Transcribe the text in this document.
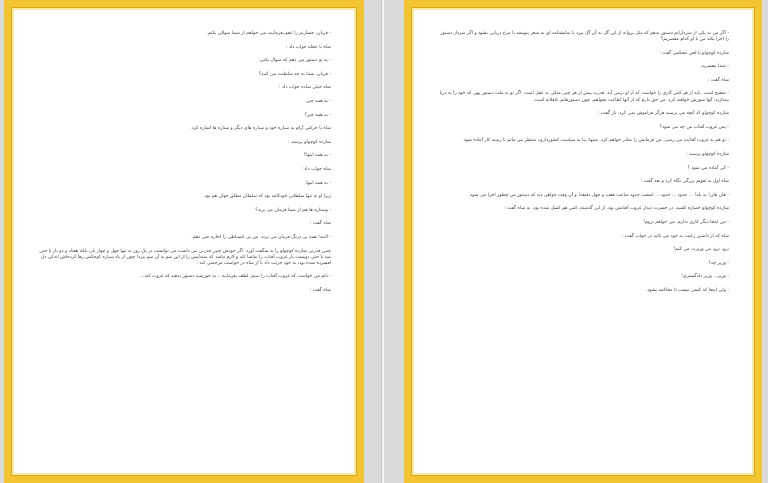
- قربان، جسارتم را عفو بفرمایید، می خواهم از شما سوالی بکنم.

شاه با عجله جواب داد :

- به تو دستور می دهم که سوال بکنی.

- قربان، شما به چه سلطنت می کنید؟

شاه خیلی ساده جواب داد :

- به همه چیز.

- به همه چیز؟

شاه با حرکتی آرام به سیاره خود و سیاره های دیگر و ستاره ها اشاره کرد.

شازده کوچولو پرسید :

- به همه اینها؟

شاه جواب داد :

- به همه اینها.

زیرا او نه تنها سلطانی خودکامه بود که سلطان مطلق جهان هم بود.

- وستاره ها هم از شما فرمان می برند؟

شاه گفت :

- البته! همه بی درنگ فرمان می برند. من بی انضباطی را اجازه نمی دهم.

چنین قدرتی شازده کوچولو را به شگفت آورد. اگر خودش چنین قدرتی می داشت می توانست در یک روز نه تنها چهل و چهار بار، بلکه هفتاد و دو بار یا حتی صد یا حتی دویست بار غروب آفتاب را تماشا کند و لازم نباشد که صندلیش را از این سو به آن سو ببرد! چون از یاد سیاره کوچکش رها کرده‌اش اندکی دل افسرده شده بود، به خود جرئت داد تا از شاه در خواست مرحمتی کند :

- دلم می خواست که غروب آفتاب را ببینم. لطف بفرمایید... به خورشید دستور بدهید که غروب کند...

شاه گفت :

- اگر من به یکی از سردارانم دستور بدهم که مثل پروانه از این گل به آن گل بپرد یا نمایشنامه ای به شعر بنویسد یا مرغ دریایی بشود و اگر سردار دستور را اجرا نکند من یا او کدام مقصریم؟

شازده کوچولو با لحن محکمی گفت :

- شما مقصرید.

شاه گفت :

- صحیح است. باید از هر کس کاری را خواست که از او برمی آید. قدرت پیش از هر چیز، متکی به عقل است. اگر تو به ملت دستور بهی که خود را به دریا بیندازند، آنها شورش خواهند کرد. من حق دارم که از آنها اطاعت بخواهم، چون دستورهایم عاقلانه است.

شازده کوچولو که آنچه می پرسید هرگز فراموش نمی کرد، باز گفت :

- پس غروب آفتاب من چه می شود؟

- تو هم به غروب آفتابت می رسی. من فرمانش را صادر خواهم کرد. منتها، بنا به سیاست کشورداری، منتظر می مانم تا زمینه کار آماده شود.

شازده کوچولو پرسید :

- کی آماده می شود ؟

شاه اول به تقویم بزرگی نگاه کرد و بعد گفت :

- هان هان! به بله! ... حدود ... حدود ... امشب حدود ساعت هفت و چهل دقیقه! و آن وقت خواهی دید که دستور من چطور اجرا می شود.

شازده کوچولو خمیازه کشید. در حسرت دیدار غروب آفتابش بود. از این گذشته، کمی هم کسل شده بود. به شاه گفت :

- من اینجا دیگر کاری ندارم. می خواهم بروم!

شاه که از داشتن رعیت به خود می بالید در جواب گفت :

نرو، نرو. من وزیرت می کنم!

- وزیر چه؟

- وزیر... وزیر دادگستری!

- ولی اینجا که کسی نیست تا محاکمه بشود.
